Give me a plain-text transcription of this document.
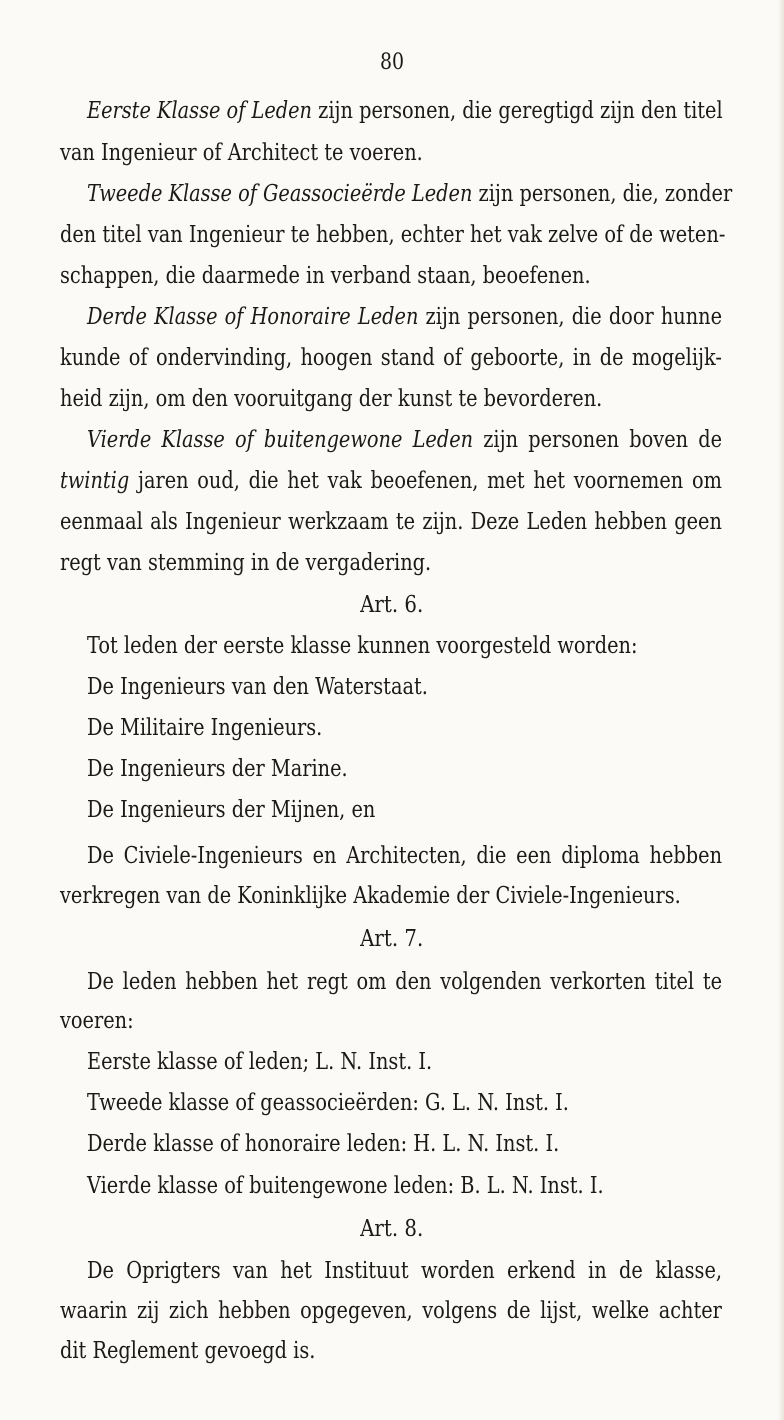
80
Eerste Klasse of Leden zijn personen, die geregtigd zijn den titel
van Ingenieur of Architect te voeren.
Tweede Klasse of Geassocieërde Leden zijn personen, die, zonder
den titel van Ingenieur te hebben, echter het vak zelve of de weten-
schappen, die daarmede in verband staan, beoefenen.
Derde Klasse of Honoraire Leden zijn personen, die door hunne
kunde of ondervinding, hoogen stand of geboorte, in de mogelijk-
heid zijn, om den vooruitgang der kunst te bevorderen.
Vierde Klasse of buitengewone Leden zijn personen boven de
twintig jaren oud, die het vak beoefenen, met het voornemen om
eenmaal als Ingenieur werkzaam te zijn. Deze Leden hebben geen
regt van stemming in de vergadering.
Art. 6.
Tot leden der eerste klasse kunnen voorgesteld worden:
De Ingenieurs van den Waterstaat.
De Militaire Ingenieurs.
De Ingenieurs der Marine.
De Ingenieurs der Mijnen, en
De Civiele-Ingenieurs en Architecten, die een diploma hebben
verkregen van de Koninklijke Akademie der Civiele-Ingenieurs.
Art. 7.
De leden hebben het regt om den volgenden verkorten titel te
voeren:
Eerste klasse of leden; L. N. Inst. I.
Tweede klasse of geassocieërden: G. L. N. Inst. I.
Derde klasse of honoraire leden: H. L. N. Inst. I.
Vierde klasse of buitengewone leden: B. L. N. Inst. I.
Art. 8.
De Oprigters van het Instituut worden erkend in de klasse,
waarin zij zich hebben opgegeven, volgens de lijst, welke achter
dit Reglement gevoegd is.
